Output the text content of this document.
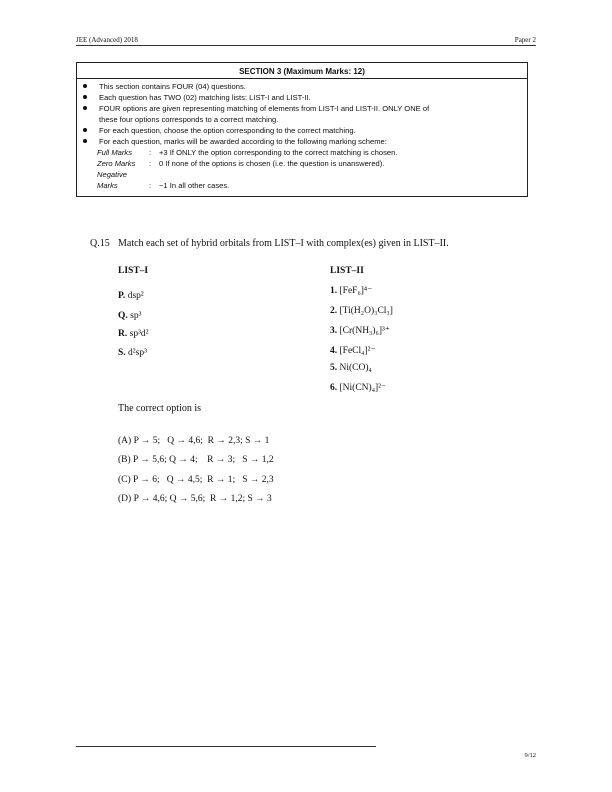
JEE (Advanced) 2018	Paper 2
SECTION 3 (Maximum Marks: 12)
This section contains FOUR (04) questions.
Each question has TWO (02) matching lists: LIST-I and LIST-II.
FOUR options are given representing matching of elements from LIST-I and LIST-II. ONLY ONE of
these four options corresponds to a correct matching.
For each question, choose the option corresponding to the correct matching.
For each question, marks will be awarded according to the following marking scheme:
Full Marks : +3 If ONLY the option corresponding to the correct matching is chosen.
Zero Marks : 0 If none of the options is chosen (i.e. the question is unanswered).
Negative Marks	: −1 In all other cases.
Q.15 Match each set of hybrid orbitals from LIST–I with complex(es) given in LIST–II.
LIST–I	LIST–II
P. dsp²
Q. sp³
R. sp³d²
S. d²sp³
1. [FeF₆]⁴⁻
2. [Ti(H₂O)₃Cl₃]
3. [Cr(NH₃)₆]³⁺
4. [FeCl₄]²⁻
5. Ni(CO)₄
6. [Ni(CN)₄]²⁻
The correct option is
(A) P → 5;   Q → 4,6;  R → 2,3; S → 1
(B) P → 5,6; Q → 4;    R → 3;   S → 1,2
(C) P → 6;   Q → 4,5;  R → 1;   S → 2,3
(D) P → 4,6; Q → 5,6;  R → 1,2; S → 3
9/12
